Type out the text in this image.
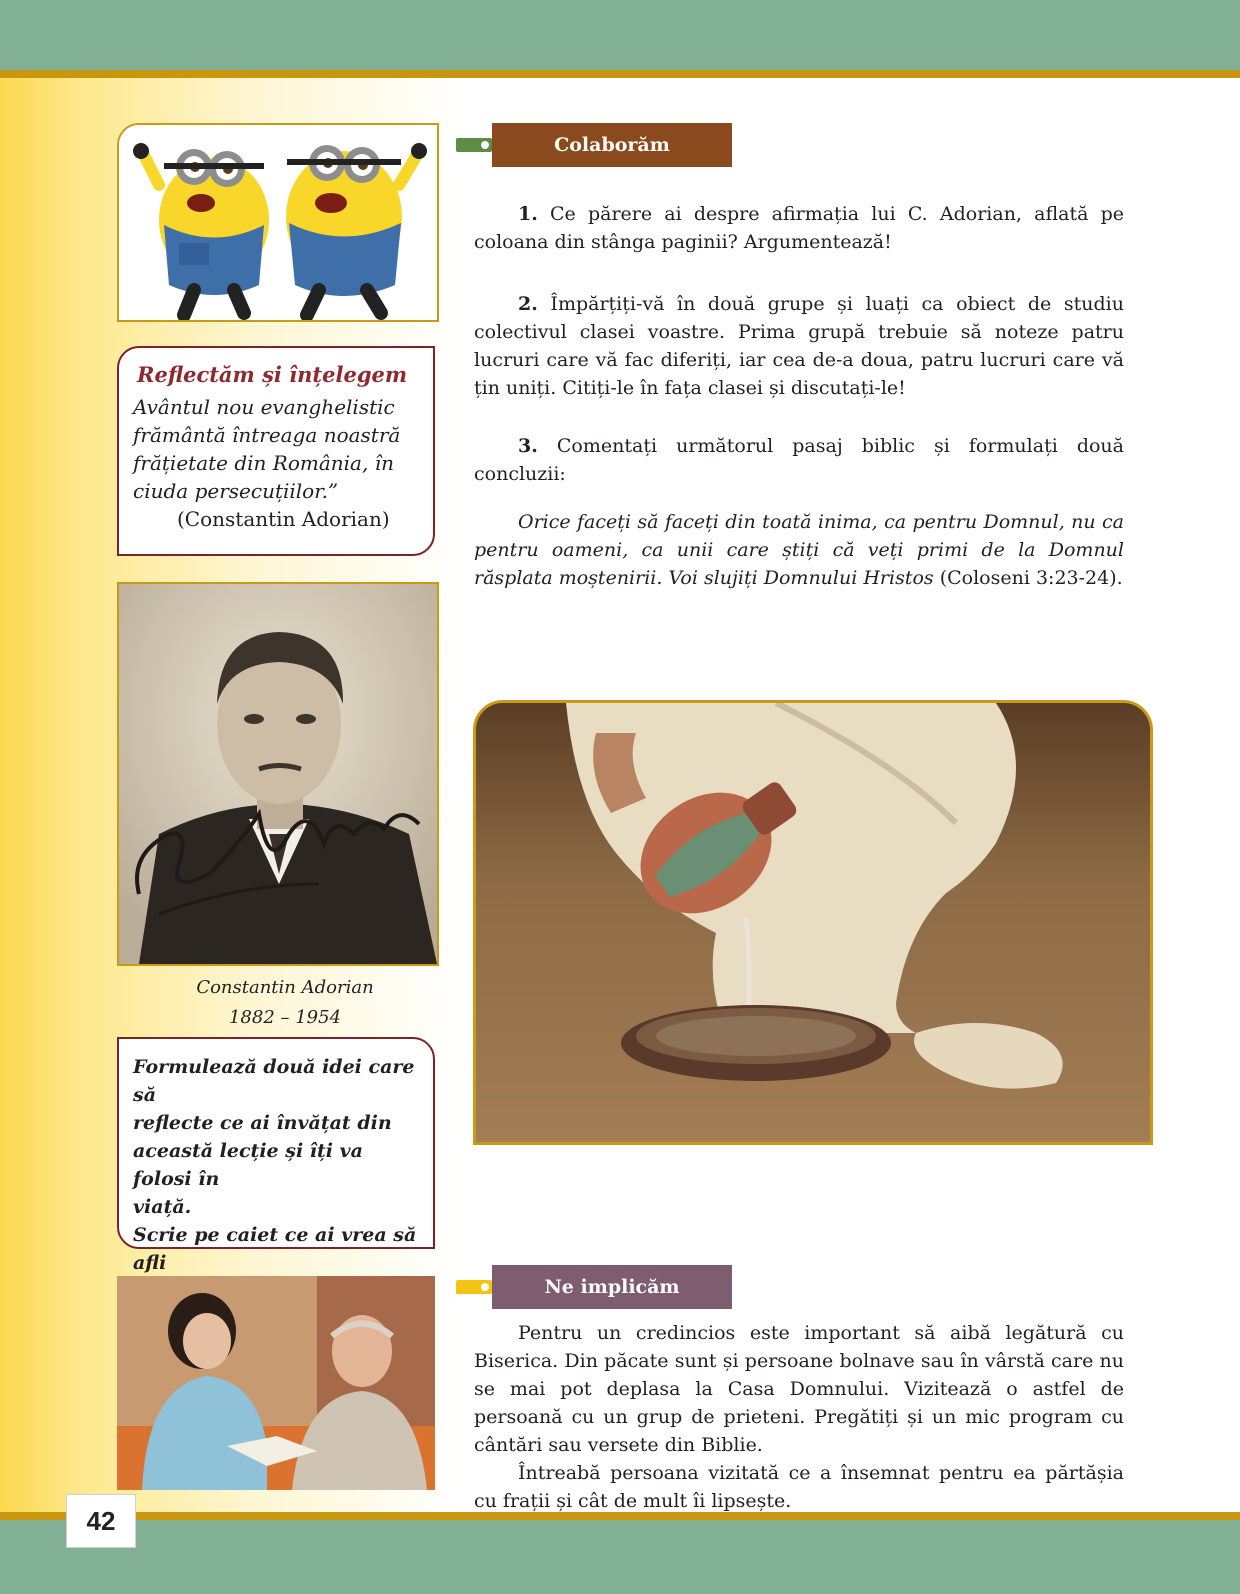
Reflectăm și înțelegem
Avântul nou evanghelistic
frământă întreaga noastră
frățietate din România, în
ciuda persecuțiilor.”
(Constantin Adorian)
Constantin Adorian
1882 – 1954
Formulează două idei care să
reflecte ce ai învățat din
această lecție și îți va folosi în
viață.
Scrie pe caiet ce ai vrea să afli
Colaborăm

1. Ce părere ai despre afirmația lui C. Adorian, aflată pe coloana din stânga paginii? Argumentează!

2. Împărțiți-vă în două grupe și luați ca obiect de studiu colectivul clasei voastre. Prima grupă trebuie să noteze patru lucruri care vă fac diferiți, iar cea de-a doua, patru lucruri care vă țin uniți. Citiți-le în fața clasei și discutați-le!

3. Comentați următorul pasaj biblic și formulați două concluzii:

Orice faceți să faceți din toată inima, ca pentru Domnul, nu ca pentru oameni, ca unii care știți că veți primi de la Domnul răsplata moștenirii. Voi slujiți Domnului Hristos (Coloseni 3:23-24).

Ne implicăm

Pentru un credincios este important să aibă legătură cu Biserica. Din păcate sunt și persoane bolnave sau în vârstă care nu se mai pot deplasa la Casa Domnului. Vizitează o astfel de persoană cu un grup de prieteni. Pregătiți și un mic program cu cântări sau versete din Biblie.

Întreabă persoana vizitată ce a însemnat pentru ea părtășia cu frații și cât de mult îi lipsește.

42
